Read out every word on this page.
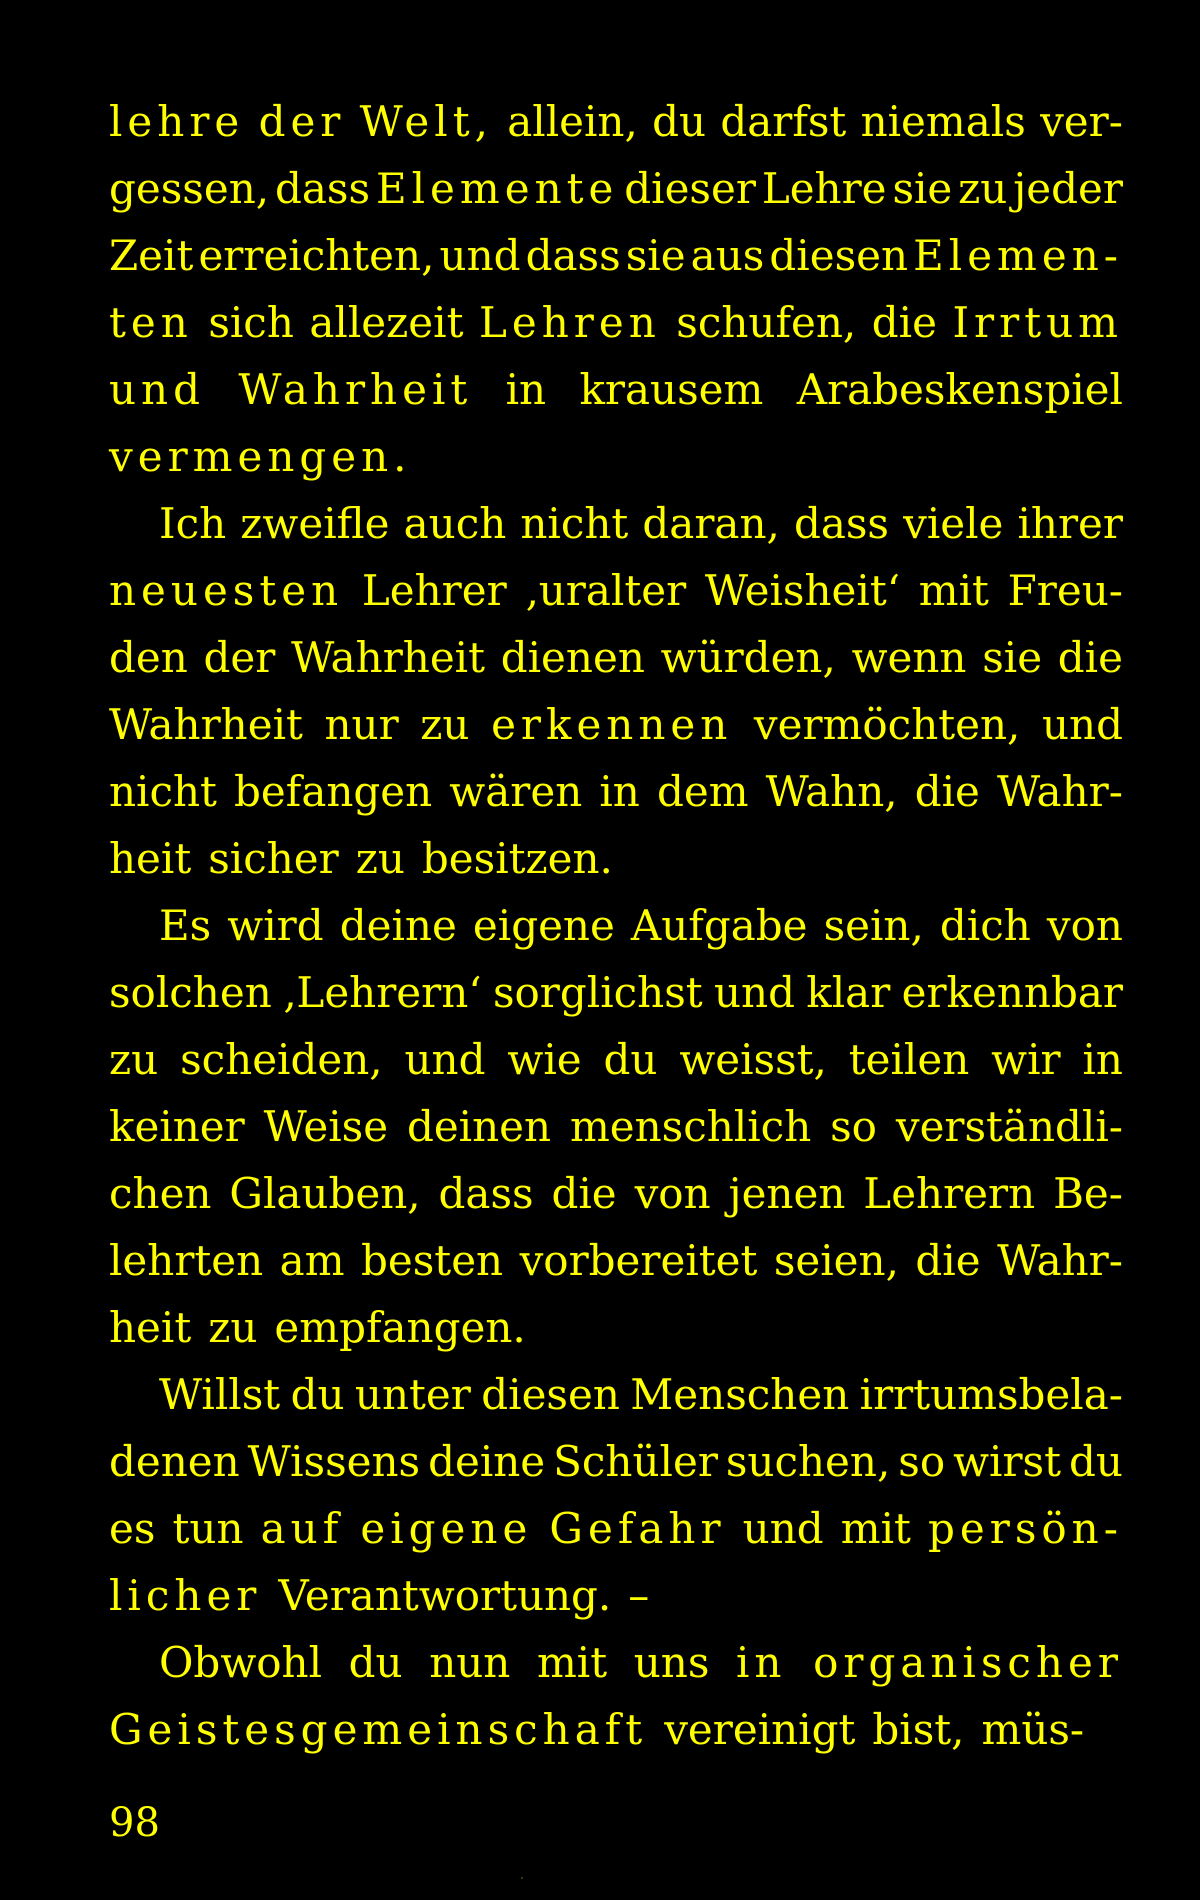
lehre der Welt, allein, du darfst niemals ver-
gessen, dass Elemente dieser Lehre sie zu jeder
Zeit erreichten, und dass sie aus diesen Elemen-
ten sich allezeit Lehren schufen, die Irrtum
und Wahrheit in krausem Arabeskenspiel
vermengen.
Ich zweifle auch nicht daran, dass viele ihrer
neuesten Lehrer ‚uralter Weisheit‘ mit Freu-
den der Wahrheit dienen würden, wenn sie die
Wahrheit nur zu erkennen vermöchten, und
nicht befangen wären in dem Wahn, die Wahr-
heit sicher zu besitzen.
Es wird deine eigene Aufgabe sein, dich von
solchen ‚Lehrern‘ sorglichst und klar erkennbar
zu scheiden, und wie du weisst, teilen wir in
keiner Weise deinen menschlich so verständli-
chen Glauben, dass die von jenen Lehrern Be-
lehrten am besten vorbereitet seien, die Wahr-
heit zu empfangen.
Willst du unter diesen Menschen irrtumsbela-
denen Wissens deine Schüler suchen, so wirst du
es tun auf eigene Gefahr und mit persön-
licher Verantwortung. –
Obwohl du nun mit uns in organischer
Geistesgemeinschaft vereinigt bist, müs-
98
